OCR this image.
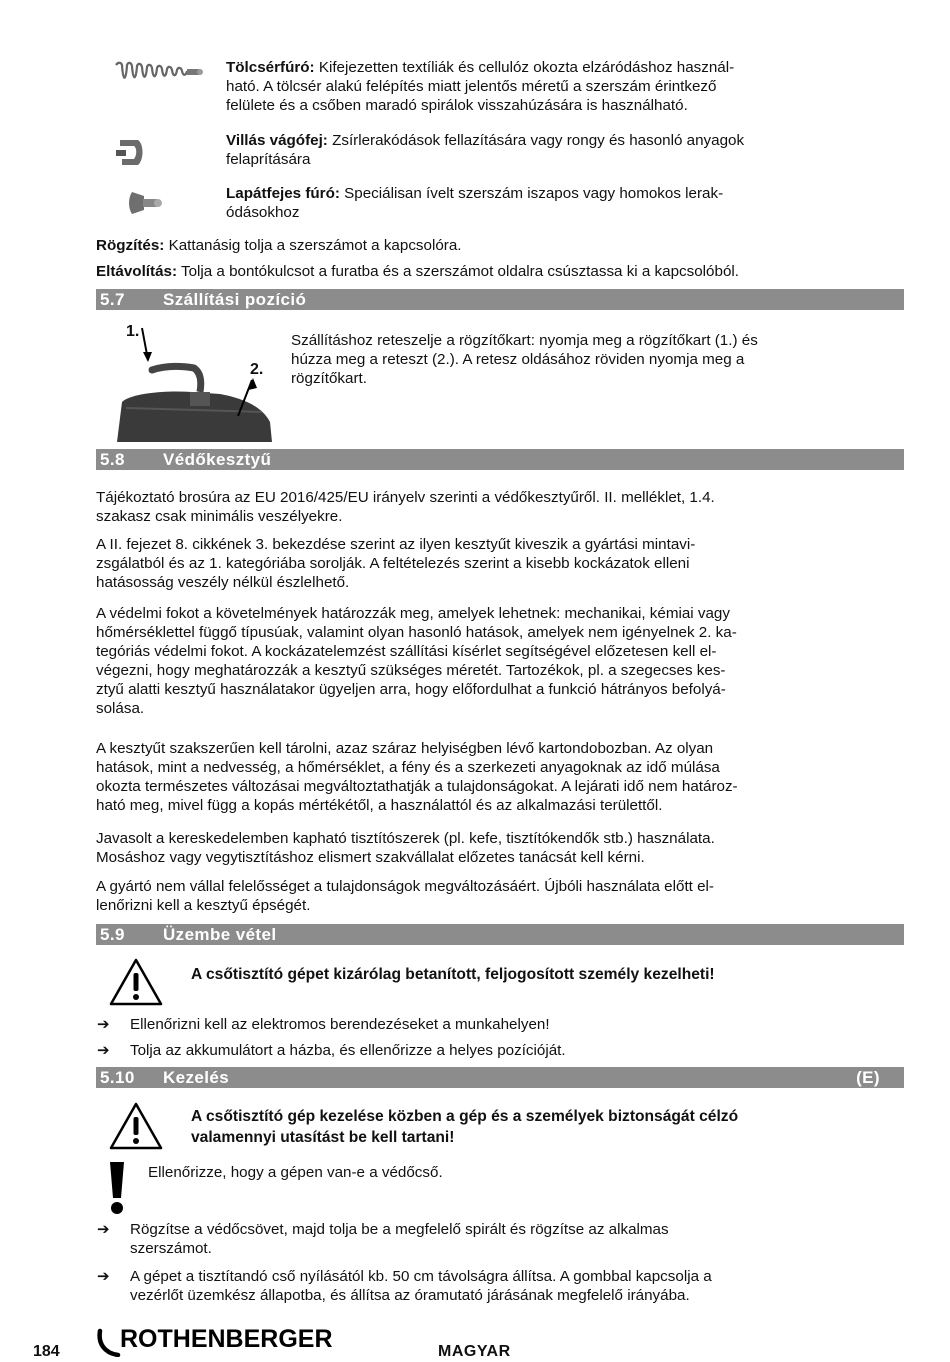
Tölcsérfúró: Kifejezetten textíliák és cellulóz okozta elzáródáshoz használ-
ható. A tölcsér alakú felépítés miatt jelentős méretű a szerszám érintkező
felülete és a csőben maradó spirálok visszahúzására is használható.
Villás vágófej: Zsírlerakódások fellazítására vagy rongy és hasonló anyagok
felaprítására
Lapátfejes fúró: Speciálisan ívelt szerszám iszapos vagy homokos lerak-
ódásokhoz
Rögzítés: Kattanásig tolja a szerszámot a kapcsolóra.
Eltávolítás: Tolja a bontókulcsot a furatba és a szerszámot oldalra csúsztassa ki a kapcsolóból.
5.7 Szállítási pozíció
1.
2.
Szállításhoz reteszelje a rögzítőkart: nyomja meg a rögzítőkart (1.) és
húzza meg a reteszt (2.). A retesz oldásához röviden nyomja meg a
rögzítőkart.
5.8 Védőkesztyű
Tájékoztató brosúra az EU 2016/425/EU irányelv szerinti a védőkesztyűről. II. melléklet, 1.4.
szakasz csak minimális veszélyekre.
A II. fejezet 8. cikkének 3. bekezdése szerint az ilyen kesztyűt kiveszik a gyártási mintavi-
zsgálatból és az 1. kategóriába sorolják. A feltételezés szerint a kisebb kockázatok elleni
hatásosság veszély nélkül észlelhető.
A védelmi fokot a követelmények határozzák meg, amelyek lehetnek: mechanikai, kémiai vagy
hőmérséklettel függő típusúak, valamint olyan hasonló hatások, amelyek nem igényelnek 2. ka-
tegóriás védelmi fokot. A kockázatelemzést szállítási kísérlet segítségével előzetesen kell el-
végezni, hogy meghatározzák a kesztyű szükséges méretét. Tartozékok, pl. a szegecses kes-
ztyű alatti kesztyű használatakor ügyeljen arra, hogy előfordulhat a funkció hátrányos befolyá-
solása.
A kesztyűt szakszerűen kell tárolni, azaz száraz helyiségben lévő kartondobozban. Az olyan
hatások, mint a nedvesség, a hőmérséklet, a fény és a szerkezeti anyagoknak az idő múlása
okozta természetes változásai megváltoztathatják a tulajdonságokat. A lejárati idő nem határoz-
ható meg, mivel függ a kopás mértékétől, a használattól és az alkalmazási területtől.
Javasolt a kereskedelemben kapható tisztítószerek (pl. kefe, tisztítókendők stb.) használata.
Mosáshoz vagy vegytisztításhoz elismert szakvállalat előzetes tanácsát kell kérni.
A gyártó nem vállal felelősséget a tulajdonságok megváltozásáért. Újbóli használata előtt el-
lenőrizni kell a kesztyű épségét.
5.9 Üzembe vétel
A csőtisztító gépet kizárólag betanított, feljogosított személy kezelheti!
➔ Ellenőrizni kell az elektromos berendezéseket a munkahelyen!
➔ Tolja az akkumulátort a házba, és ellenőrizze a helyes pozícióját.
5.10 Kezelés	(E)
A csőtisztító gép kezelése közben a gép és a személyek biztonságát célzó
valamennyi utasítást be kell tartani!
Ellenőrizze, hogy a gépen van-e a védőcső.
➔ Rögzítse a védőcsövet, majd tolja be a megfelelő spirált és rögzítse az alkalmas
szerszámot.
➔ A gépet a tisztítandó cső nyílásától kb. 50 cm távolságra állítsa. A gombbal kapcsolja a
vezérlőt üzemkész állapotba, és állítsa az óramutató járásának megfelelő irányába.
184 ROTHENBERGER	MAGYAR
